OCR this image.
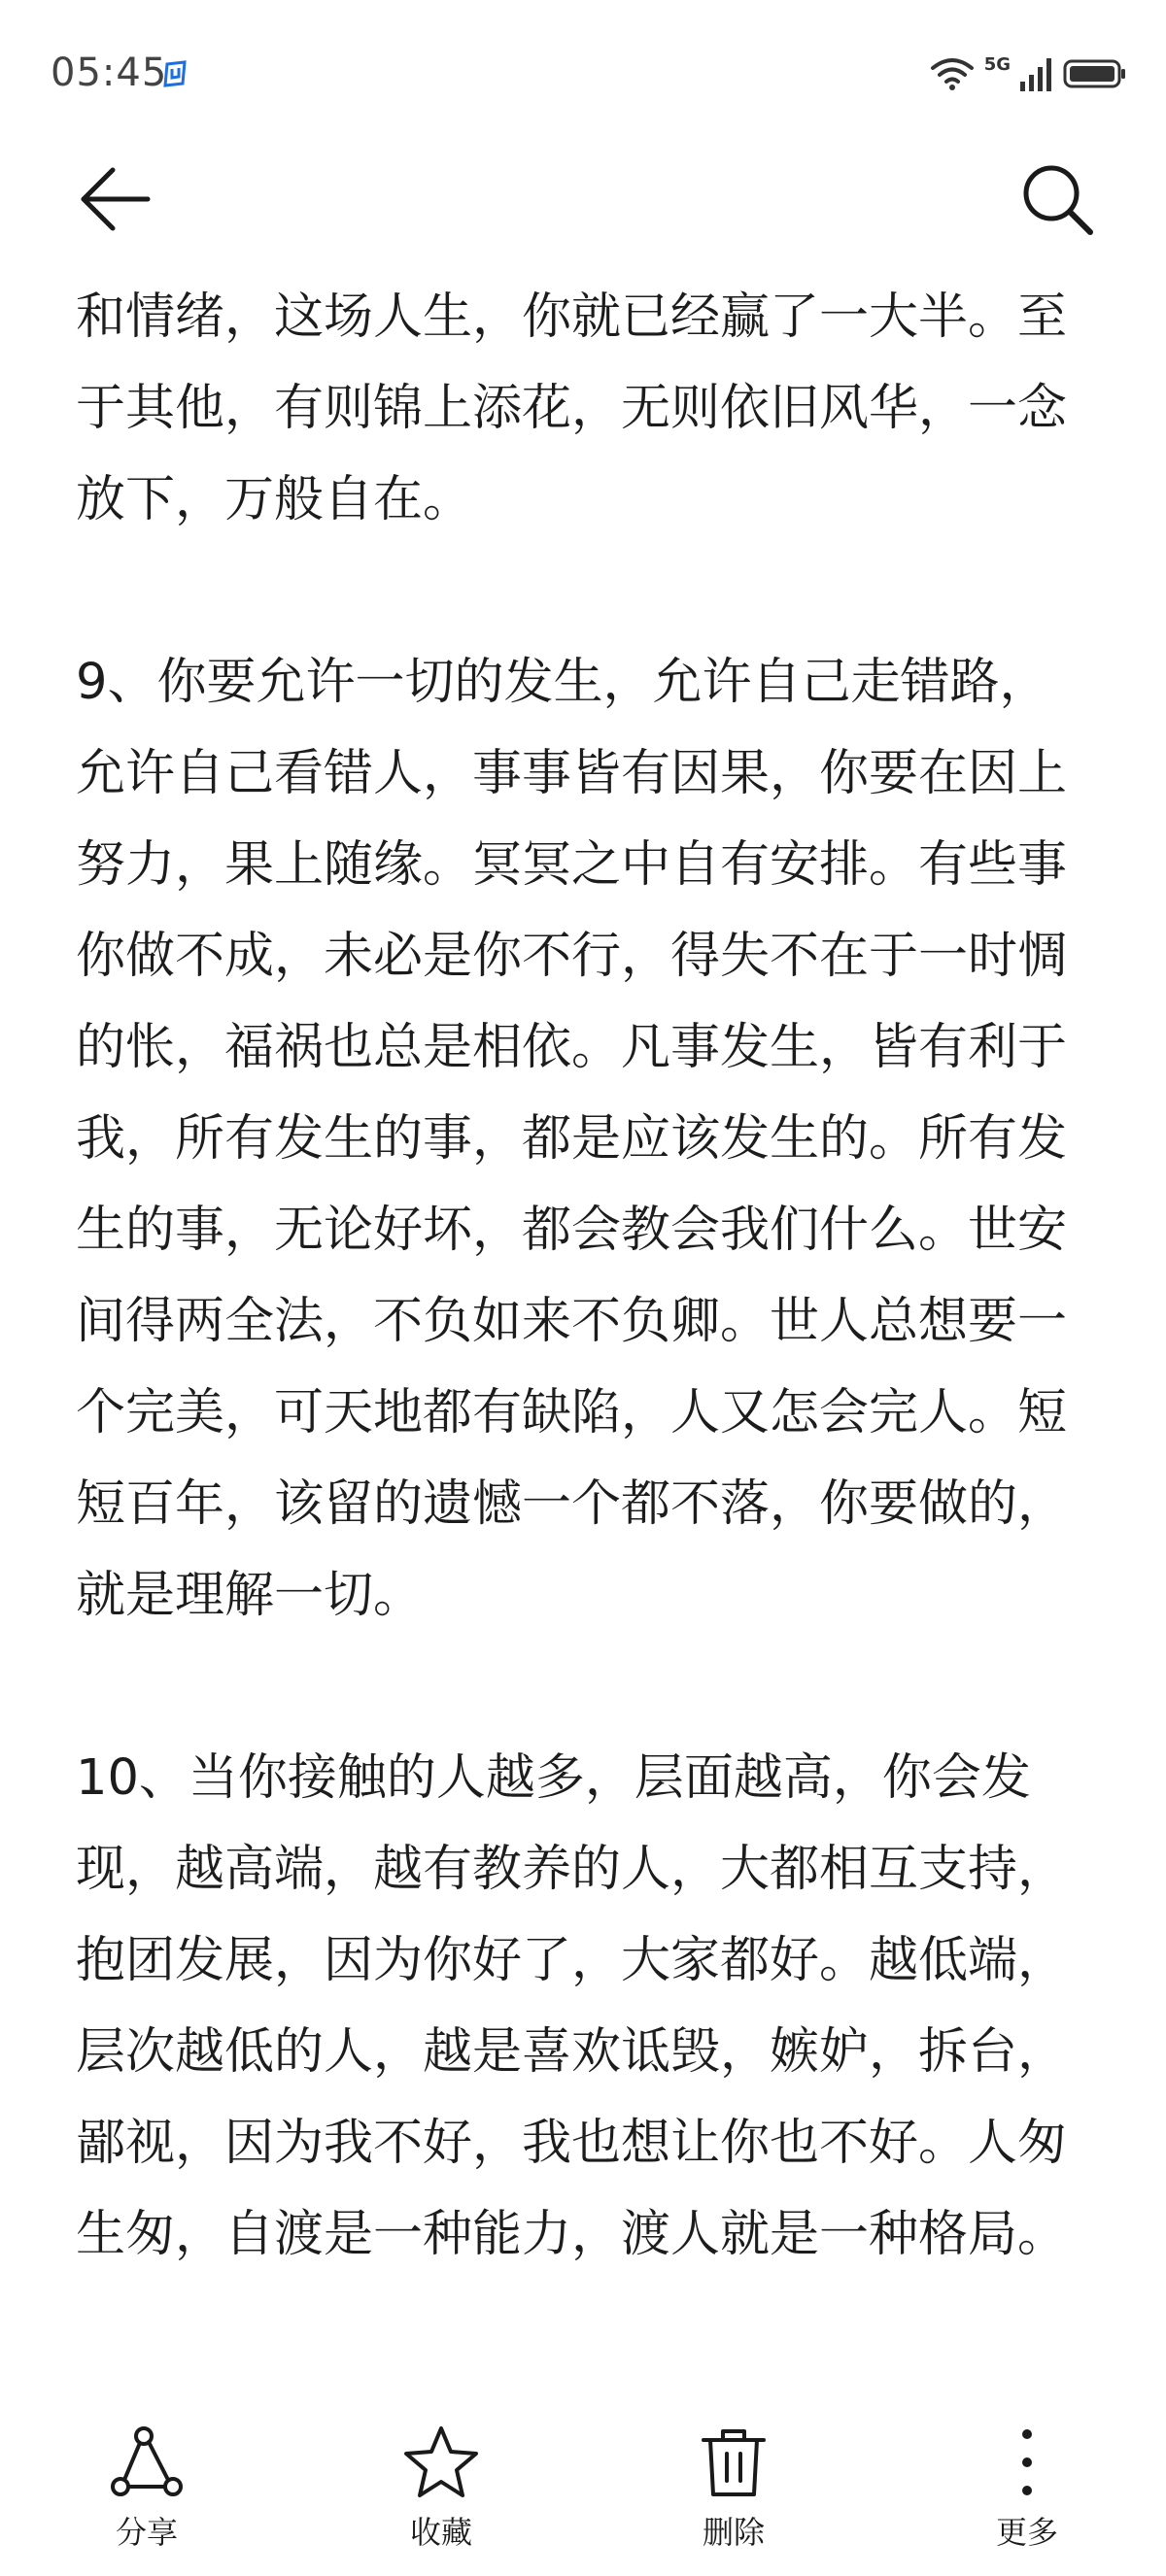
05:45	5G

和情绪，这场人生，你就已经赢了一大半。至于其他，有则锦上添花，无则依旧风华，一念放下，万般自在。

9、你要允许一切的发生，允许自己走错路，允许自己看错人，事事皆有因果，你要在因上努力，果上随缘。冥冥之中自有安排。有些事你做不成，未必是你不行，得失不在于一时惆的怅，福祸也总是相依。凡事发生，皆有利于我，所有发生的事，都是应该发生的。所有发生的事，无论好坏，都会教会我们什么。世安间得两全法，不负如来不负卿。世人总想要一个完美，可天地都有缺陷，人又怎会完人。短短百年，该留的遗憾一个都不落，你要做的，就是理解一切。

10、当你接触的人越多，层面越高，你会发现，越高端，越有教养的人，大都相互支持，抱团发展，因为你好了，大家都好。越低端，层次越低的人，越是喜欢诋毁，嫉妒，拆台，鄙视，因为我不好，我也想让你也不好。人匆生匆，自渡是一种能力，渡人就是一种格局。

分享	收藏	删除	更多
